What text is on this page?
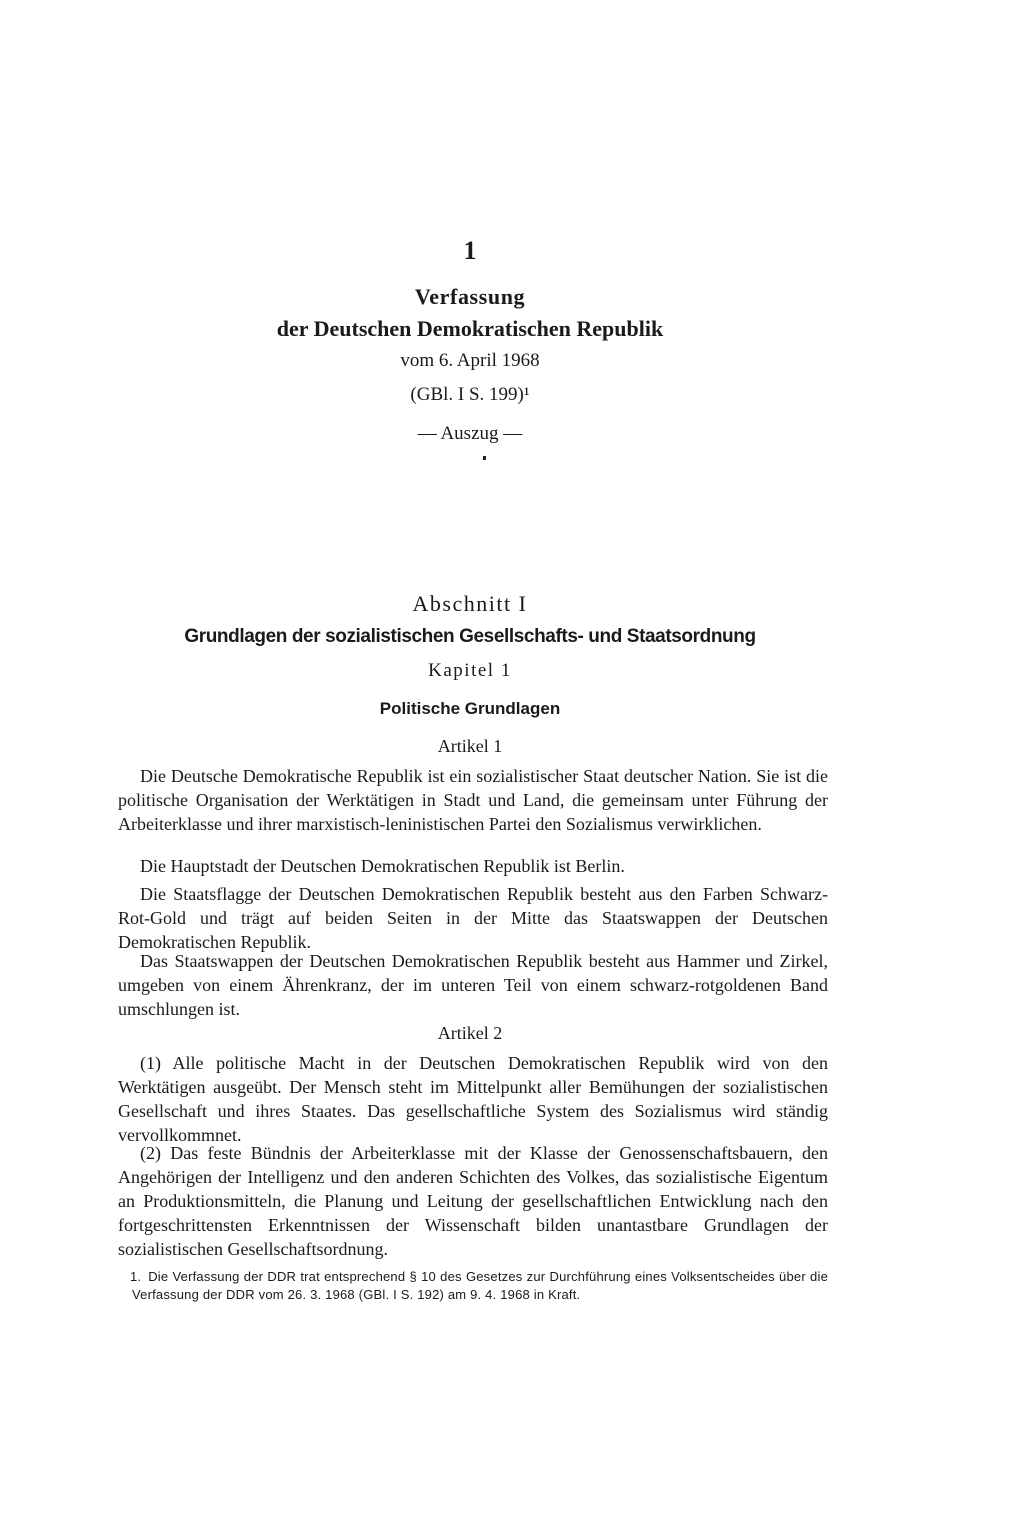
1
Verfassung
der Deutschen Demokratischen Republik
vom 6. April 1968
(GBl. I S. 199)¹
— Auszug —
Abschnitt I
Grundlagen der sozialistischen Gesellschafts- und Staatsordnung
Kapitel 1
Politische Grundlagen
Artikel 1

Die Deutsche Demokratische Republik ist ein sozialistischer Staat deutscher Nation. Sie ist die politische Organisation der Werktätigen in Stadt und Land, die gemeinsam unter Führung der Arbeiterklasse und ihrer marxistisch-leninistischen Partei den Sozialismus verwirklichen.

Die Hauptstadt der Deutschen Demokratischen Republik ist Berlin.

Die Staatsflagge der Deutschen Demokratischen Republik besteht aus den Farben Schwarz-Rot-Gold und trägt auf beiden Seiten in der Mitte das Staatswappen der Deutschen Demokratischen Republik.

Das Staatswappen der Deutschen Demokratischen Republik besteht aus Hammer und Zirkel, umgeben von einem Ährenkranz, der im unteren Teil von einem schwarz-rotgoldenen Band umschlungen ist.

Artikel 2

(1) Alle politische Macht in der Deutschen Demokratischen Republik wird von den Werktätigen ausgeübt. Der Mensch steht im Mittelpunkt aller Bemühungen der sozialistischen Gesellschaft und ihres Staates. Das gesellschaftliche System des Sozialismus wird ständig vervollkommnet.

(2) Das feste Bündnis der Arbeiterklasse mit der Klasse der Genossenschaftsbauern, den Angehörigen der Intelligenz und den anderen Schichten des Volkes, das sozialistische Eigentum an Produktionsmitteln, die Planung und Leitung der gesellschaftlichen Entwicklung nach den fortgeschrittensten Erkenntnissen der Wissenschaft bilden unantastbare Grundlagen der sozialistischen Gesellschaftsordnung.

1. Die Verfassung der DDR trat entsprechend § 10 des Gesetzes zur Durchführung eines Volksentscheides über die Verfassung der DDR vom 26. 3. 1968 (GBl. I S. 192) am 9. 4. 1968 in Kraft.
